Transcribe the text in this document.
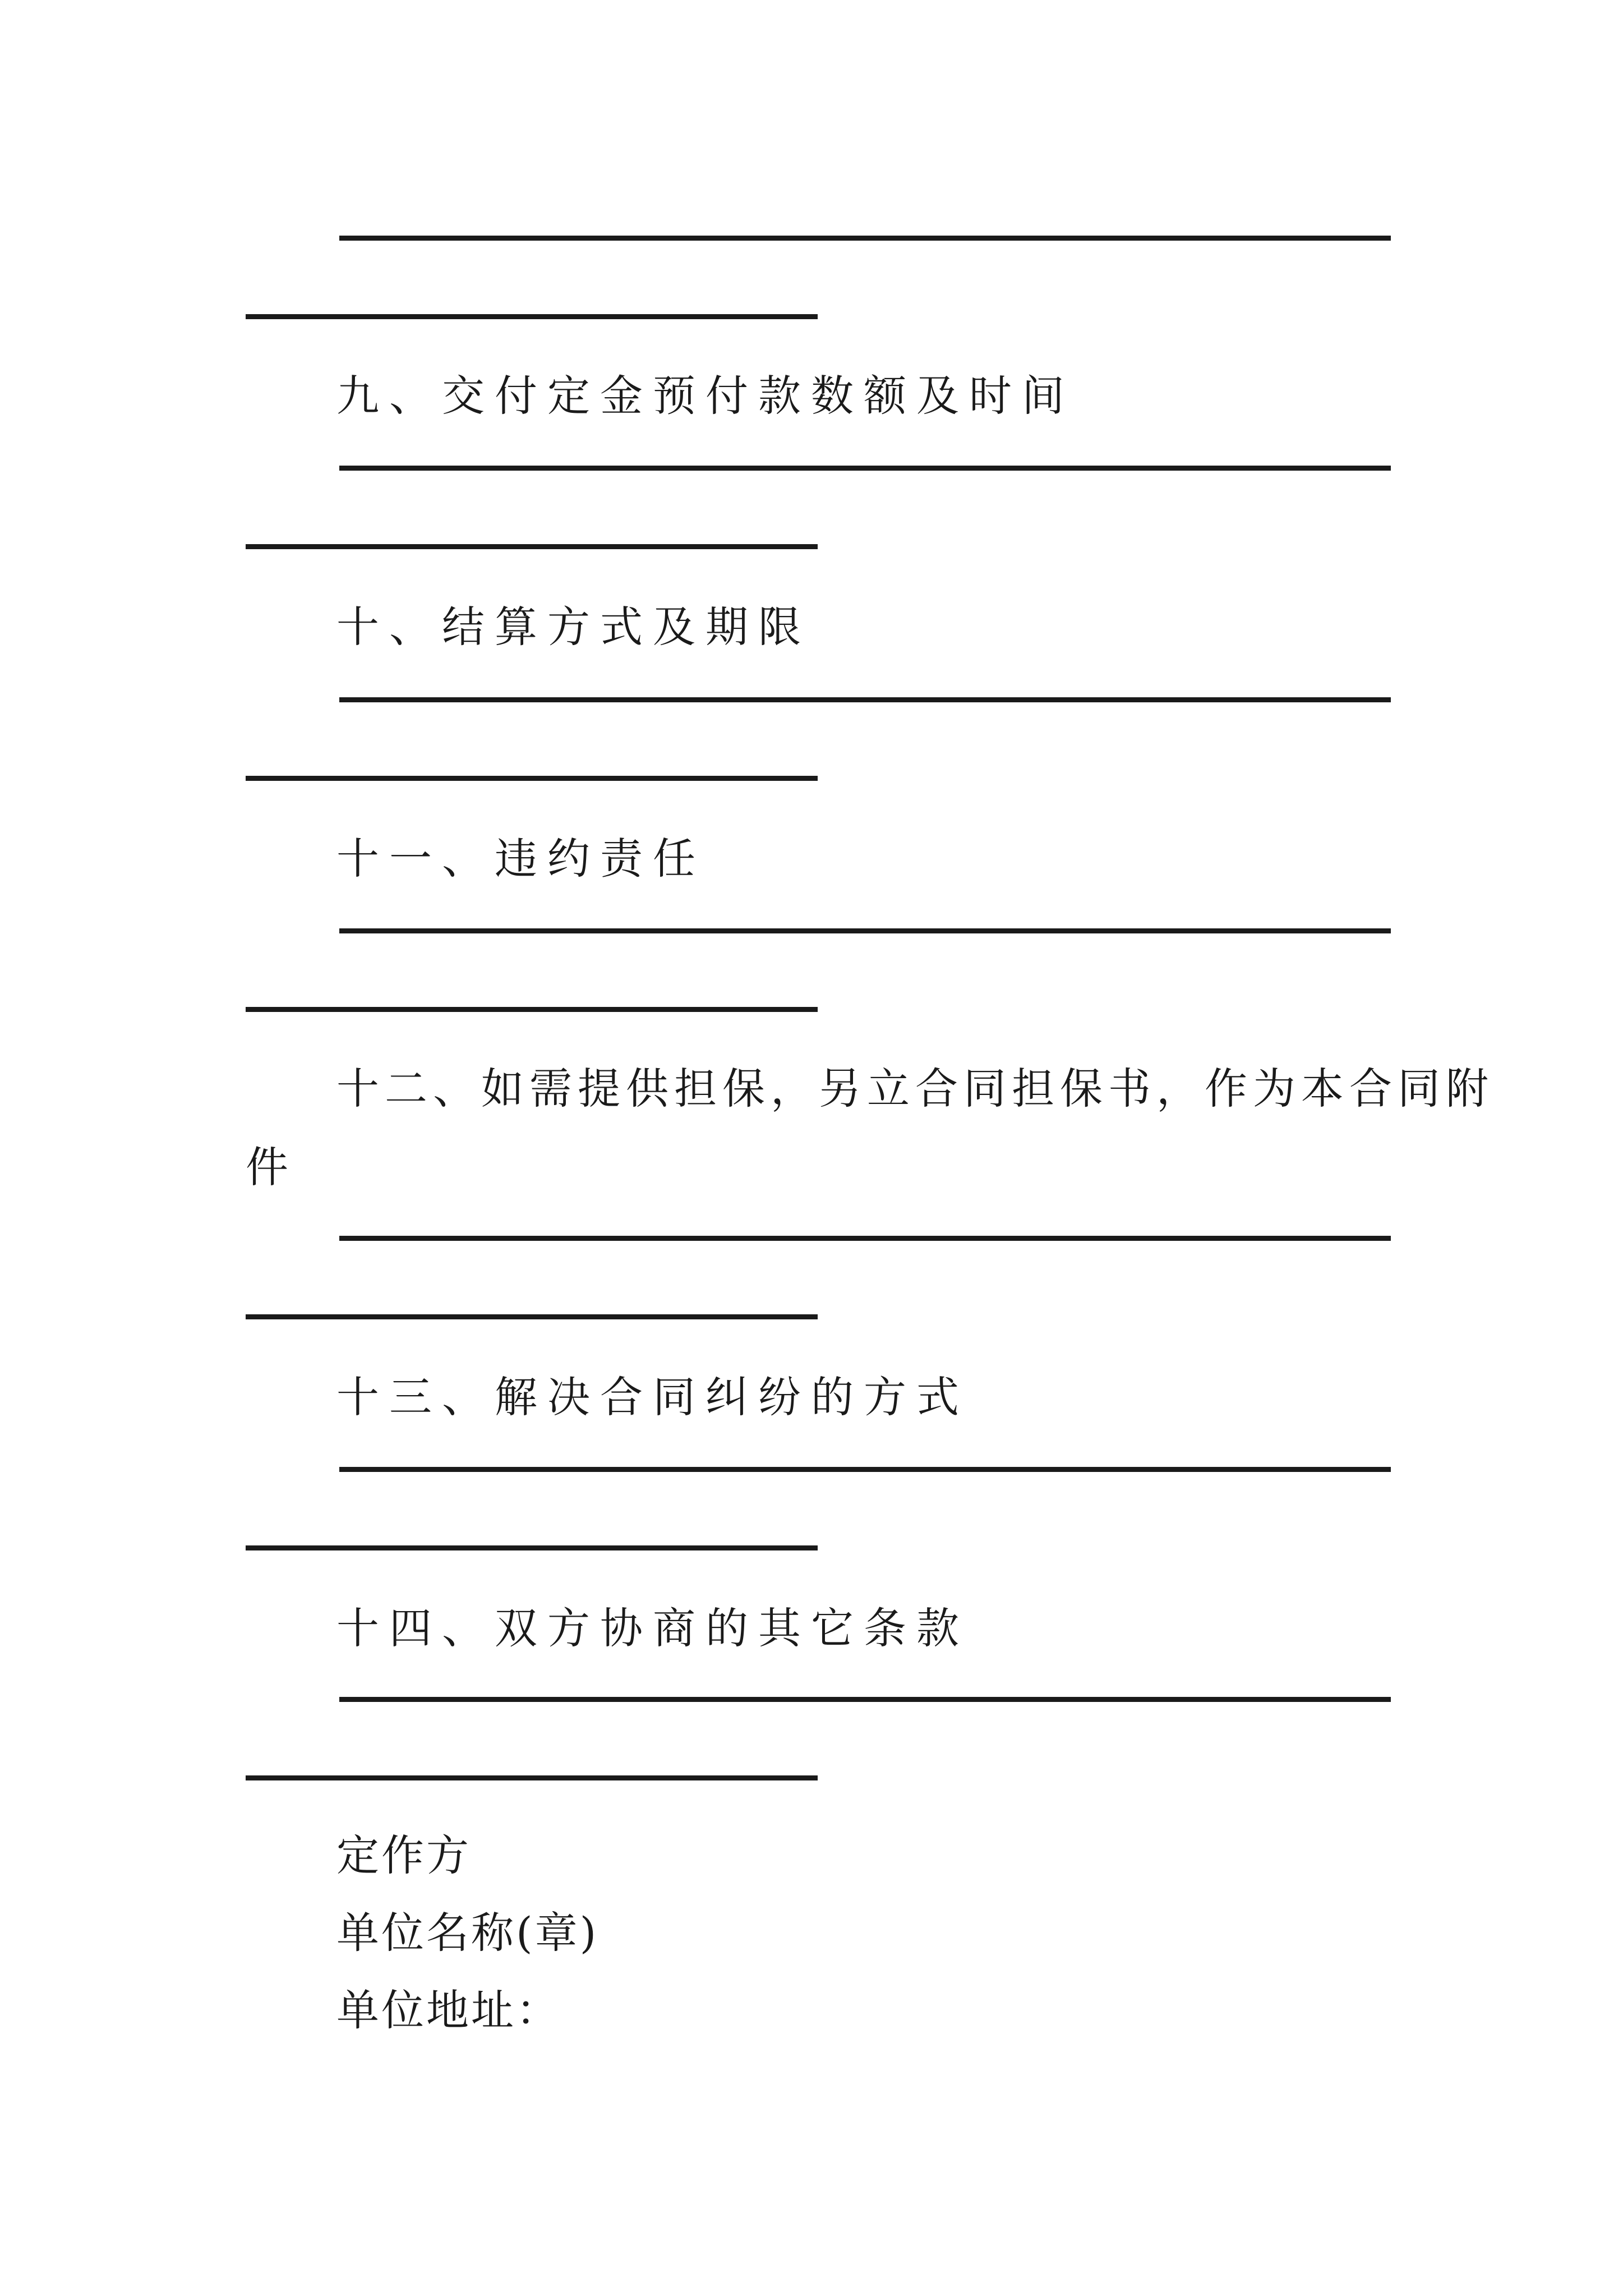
九、交付定金预付款数额及时间
十、结算方式及期限
十一、违约责任
十二、如需提供担保，另立合同担保书，作为本合同附
件
十三、解决合同纠纷的方式
十四、双方协商的其它条款
定作方
单位名称(章)
单位地址：
